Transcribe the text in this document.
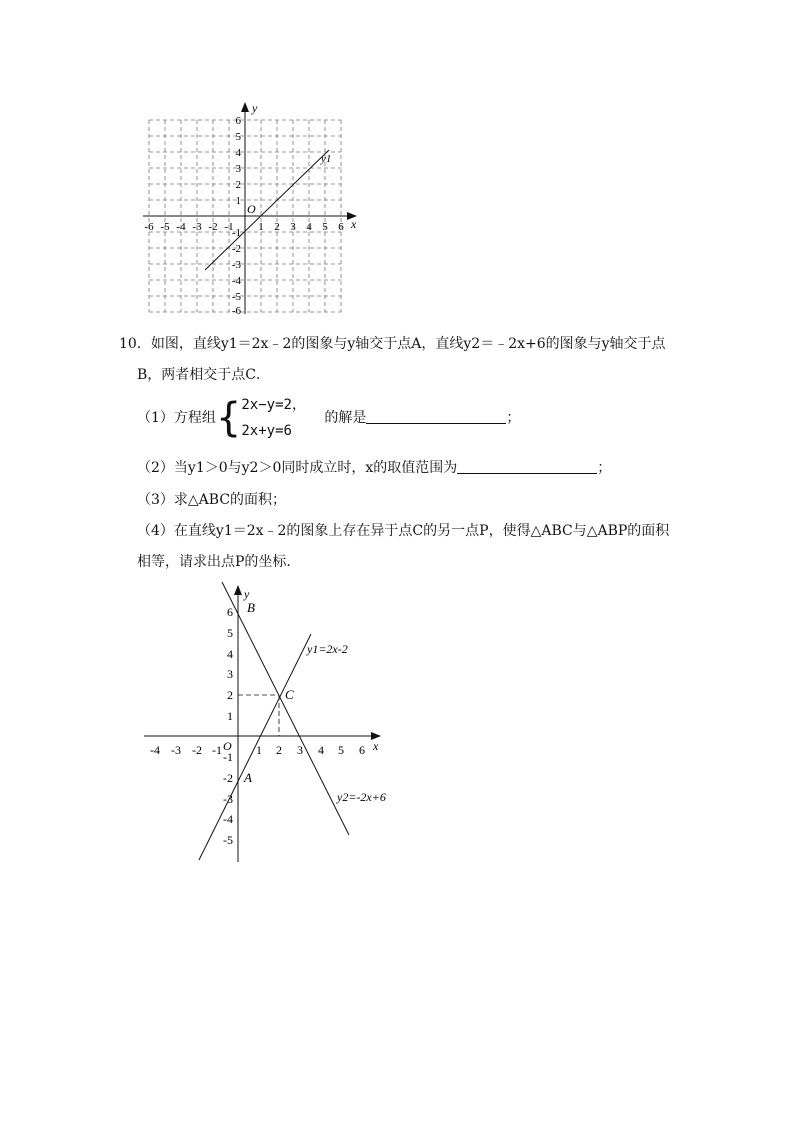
x
y
O
y1
-6 -5 -4 -3 -2 -1 1 2 3 4 5 6
6
5
4
3
2
1
-1
-2
-3
-4
-5
-6
10．如图，直线y1＝2x﹣2的图象与y轴交于点A，直线y2＝﹣2x+6的图象与y轴交于点
B，两者相交于点C．
（1）方程组{2x−y=2，
2x+y=6 的解是	；
（2）当y1＞0与y2＞0同时成立时，x的取值范围为	；
（3）求△ABC的面积；
（4）在直线y1＝2x﹣2的图象上存在异于点C的另一点P，使得△ABC与△ABP的面积
相等，请求出点P的坐标．
x
y
O
B
C
A
y1=2x-2
y2=-2x+6
-4 -3 -2 -1	1 2 3 4 5 6
6
5
4
3
2
1
-1
-2
-3
-4
-5
